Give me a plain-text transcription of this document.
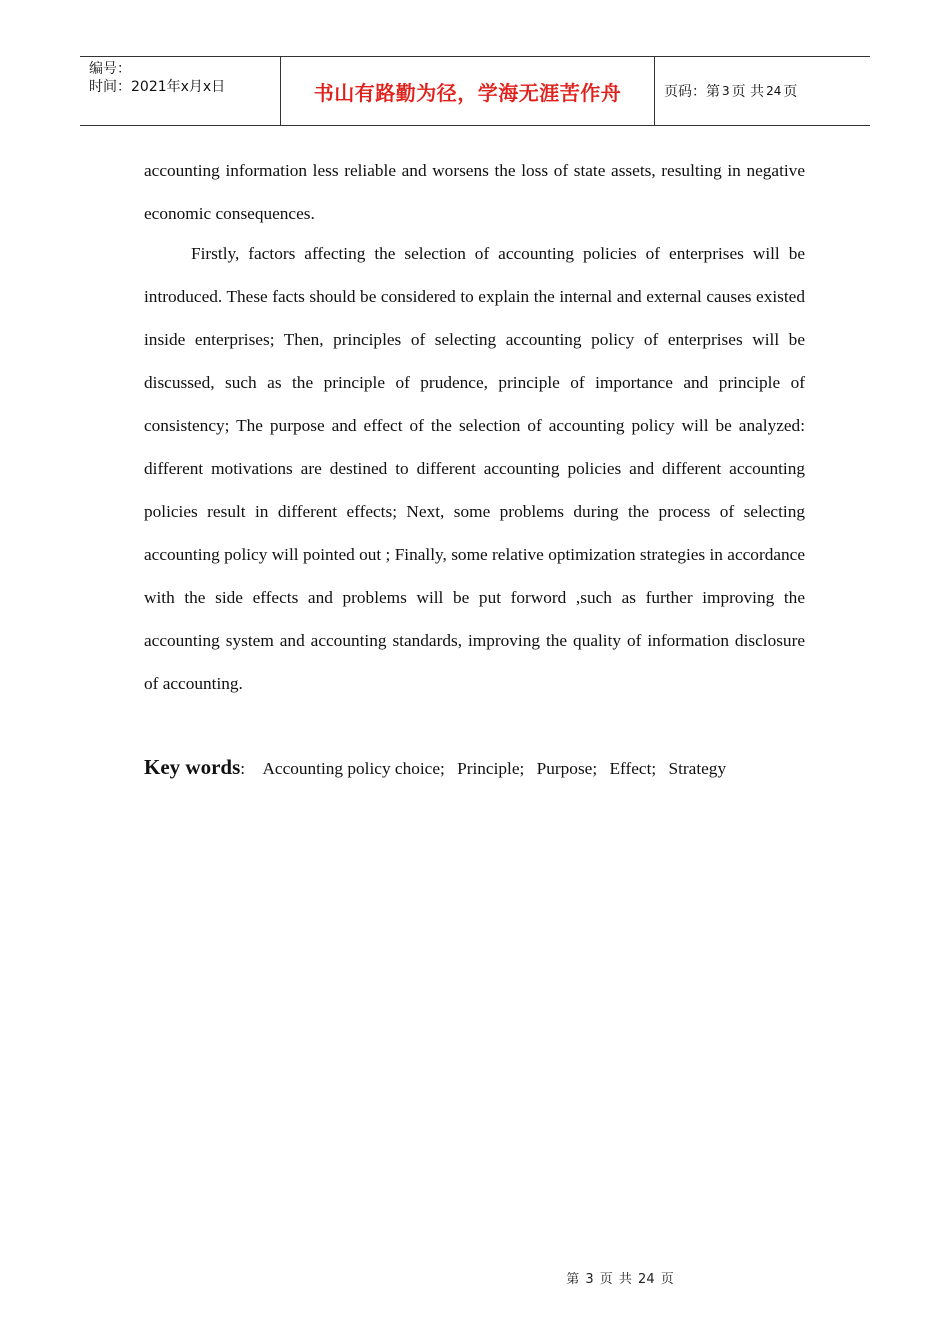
编号：
时间：2021年x月x日	书山有路勤为径，学海无涯苦作舟	页码：第 3 页 共 24 页

accounting information less reliable and worsens the loss of state assets, resulting in negative economic consequences.

Firstly, factors affecting the selection of accounting policies of enterprises will be introduced. These facts should be considered to explain the internal and external causes existed inside enterprises; Then, principles of selecting accounting policy of enterprises will be discussed, such as the principle of prudence, principle of importance and principle of consistency; The purpose and effect of the selection of accounting policy will be analyzed: different motivations are destined to different accounting policies and different accounting policies result in different effects; Next, some problems during the process of selecting accounting policy will pointed out ; Finally, some relative optimization strategies in accordance with the side effects and problems will be put forword ,such as further improving the accounting system and accounting standards, improving the quality of information disclosure of accounting.

Key words: Accounting policy choice; Principle; Purpose; Effect; Strategy
第 3 页 共 24 页
